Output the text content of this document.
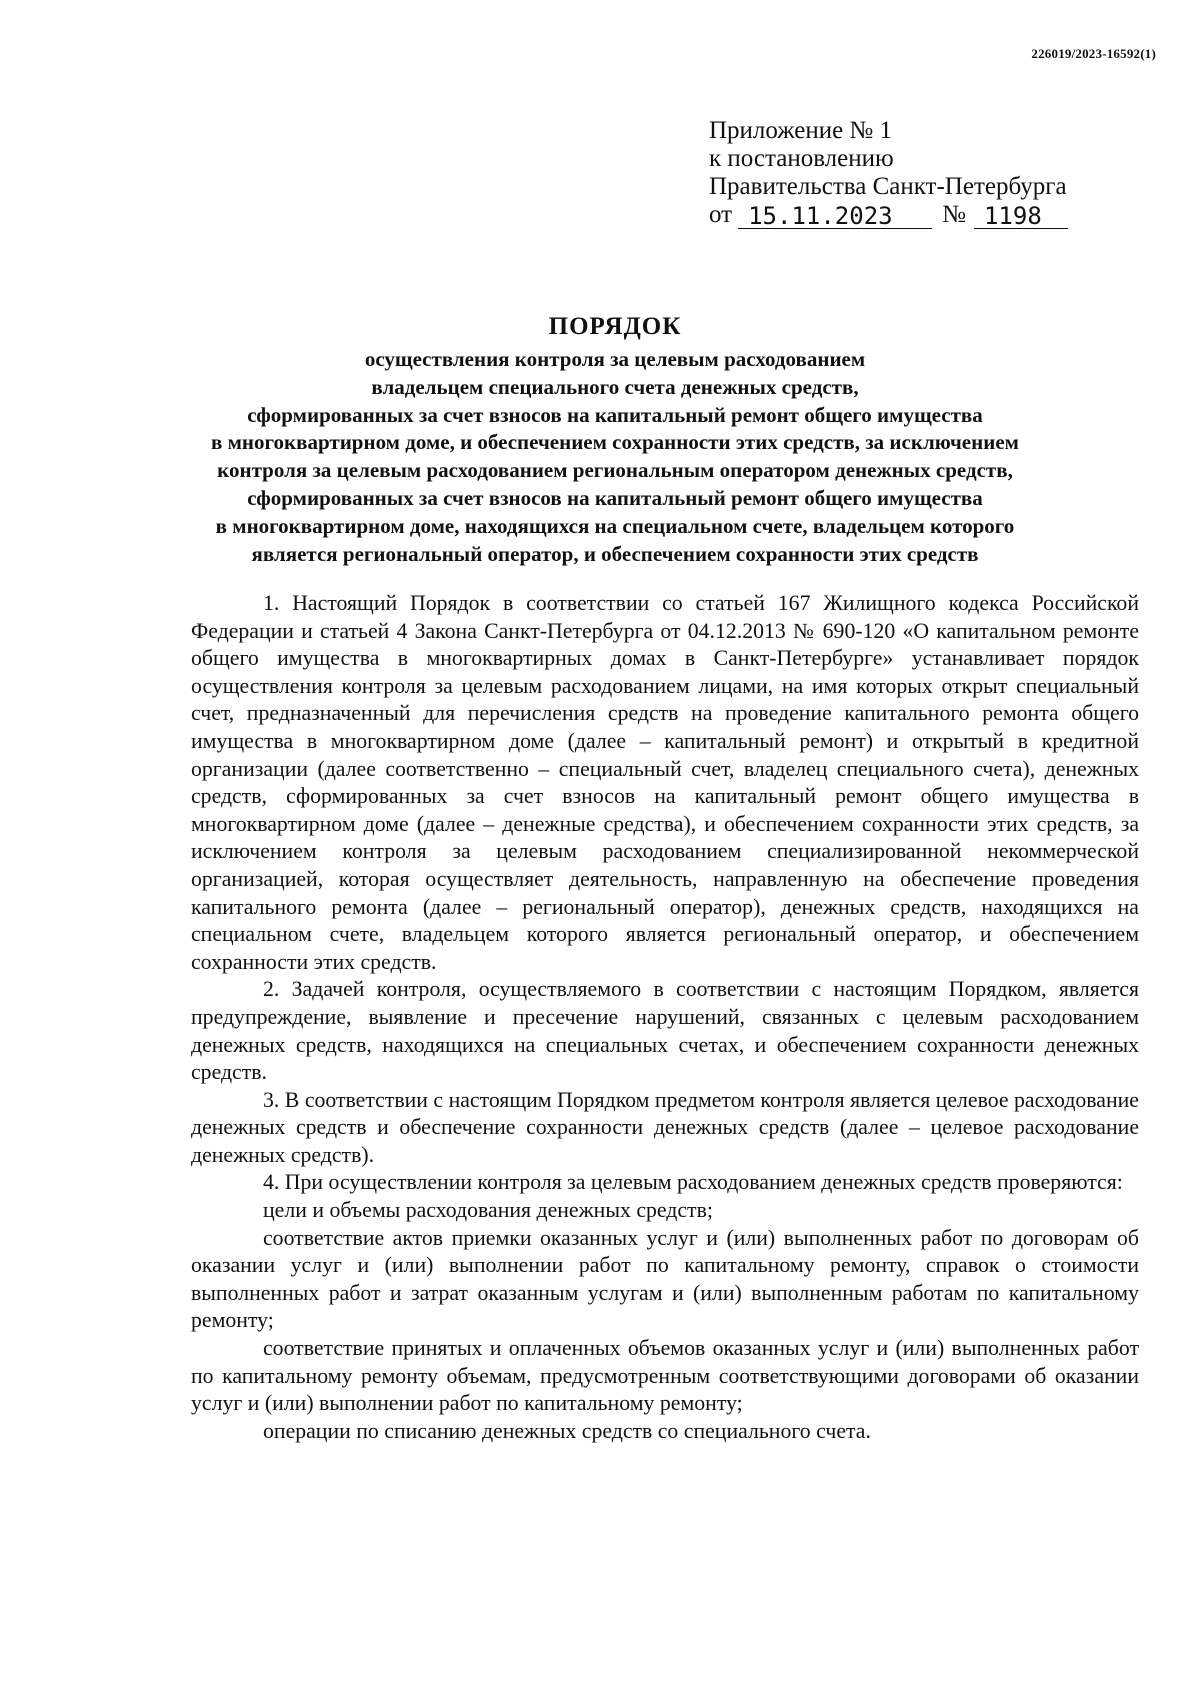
226019/2023-16592(1)
Приложение № 1
к постановлению
Правительства Санкт-Петербурга
от 15.11.2023	№ 1198
ПОРЯДОК
осуществления контроля за целевым расходованием
владельцем специального счета денежных средств,
сформированных за счет взносов на капитальный ремонт общего имущества
в многоквартирном доме, и обеспечением сохранности этих средств, за исключением
контроля за целевым расходованием региональным оператором денежных средств,
сформированных за счет взносов на капитальный ремонт общего имущества
в многоквартирном доме, находящихся на специальном счете, владельцем которого
является региональный оператор, и обеспечением сохранности этих средств

1. Настоящий Порядок в соответствии со статьей 167 Жилищного кодекса Российской Федерации и статьей 4 Закона Санкт-Петербурга от 04.12.2013 № 690-120 «О капитальном ремонте общего имущества в многоквартирных домах в Санкт-Петербурге» устанавливает порядок осуществления контроля за целевым расходованием лицами, на имя которых открыт специальный счет, предназначенный для перечисления средств на проведение капитального ремонта общего имущества в многоквартирном доме (далее – капитальный ремонт) и открытый в кредитной организации (далее соответственно – специальный счет, владелец специального счета), денежных средств, сформированных за счет взносов на капитальный ремонт общего имущества в многоквартирном доме (далее – денежные средства), и обеспечением сохранности этих средств, за исключением контроля за целевым расходованием специализированной некоммерческой организацией, которая осуществляет деятельность, направленную на обеспечение проведения капитального ремонта (далее – региональный оператор), денежных средств, находящихся на специальном счете, владельцем которого является региональный оператор, и обеспечением сохранности этих средств.

2. Задачей контроля, осуществляемого в соответствии с настоящим Порядком, является предупреждение, выявление и пресечение нарушений, связанных с целевым расходованием денежных средств, находящихся на специальных счетах, и обеспечением сохранности денежных средств.

3. В соответствии с настоящим Порядком предметом контроля является целевое расходование денежных средств и обеспечение сохранности денежных средств (далее – целевое расходование денежных средств).

4. При осуществлении контроля за целевым расходованием денежных средств проверяются:

цели и объемы расходования денежных средств;

соответствие актов приемки оказанных услуг и (или) выполненных работ по договорам об оказании услуг и (или) выполнении работ по капитальному ремонту, справок о стоимости выполненных работ и затрат оказанным услугам и (или) выполненным работам по капитальному ремонту;

соответствие принятых и оплаченных объемов оказанных услуг и (или) выполненных работ по капитальному ремонту объемам, предусмотренным соответствующими договорами об оказании услуг и (или) выполнении работ по капитальному ремонту;

операции по списанию денежных средств со специального счета.
